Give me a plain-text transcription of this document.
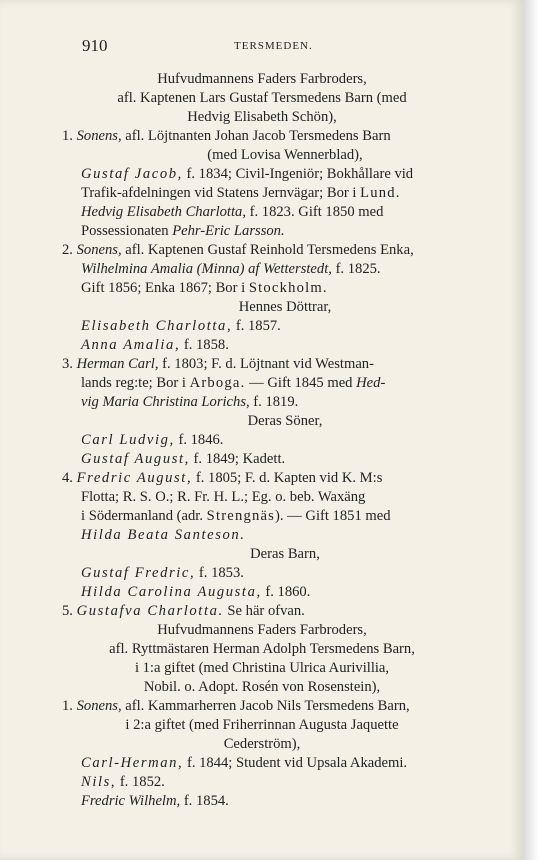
910	TERSMEDEN.
Hufvudmannens Faders Farbroders,
afl. Kaptenen Lars Gustaf Tersmedens Barn (med
Hedvig Elisabeth Schön),
1. Sonens, afl. Löjtnanten Johan Jacob Tersmedens Barn
(med Lovisa Wennerblad),
Gustaf Jacob, f. 1834; Civil-Ingeniör; Bokhållare vid
Trafik-afdelningen vid Statens Jernvägar; Bor i Lund.
Hedvig Elisabeth Charlotta, f. 1823. Gift 1850 med
Possessionaten Pehr-Eric Larsson.
2. Sonens, afl. Kaptenen Gustaf Reinhold Tersmedens Enka,
Wilhelmina Amalia (Minna) af Wetterstedt, f. 1825.
Gift 1856; Enka 1867; Bor i Stockholm.
Hennes Döttrar,
Elisabeth Charlotta, f. 1857.
Anna Amalia, f. 1858.
3. Herman Carl, f. 1803; F. d. Löjtnant vid Westman-
lands reg:te; Bor i Arboga. — Gift 1845 med Hed-
vig Maria Christina Lorichs, f. 1819.
Deras Söner,
Carl Ludvig, f. 1846.
Gustaf August, f. 1849; Kadett.
4. Fredric August, f. 1805; F. d. Kapten vid K. M:s
Flotta; R. S. O.; R. Fr. H. L.; Eg. o. beb. Waxäng
i Södermanland (adr. Strengnäs). — Gift 1851 med
Hilda Beata Santeson.
Deras Barn,
Gustaf Fredric, f. 1853.
Hilda Carolina Augusta, f. 1860.
5. Gustafva Charlotta. Se här ofvan.
Hufvudmannens Faders Farbroders,
afl. Ryttmästaren Herman Adolph Tersmedens Barn,
i 1:a giftet (med Christina Ulrica Aurivillia,
Nobil. o. Adopt. Rosén von Rosenstein),
1. Sonens, afl. Kammarherren Jacob Nils Tersmedens Barn,
i 2:a giftet (med Friherrinnan Augusta Jaquette
Cederström),
Carl-Herman, f. 1844; Student vid Upsala Akademi.
Nils, f. 1852.
Fredric Wilhelm, f. 1854.
